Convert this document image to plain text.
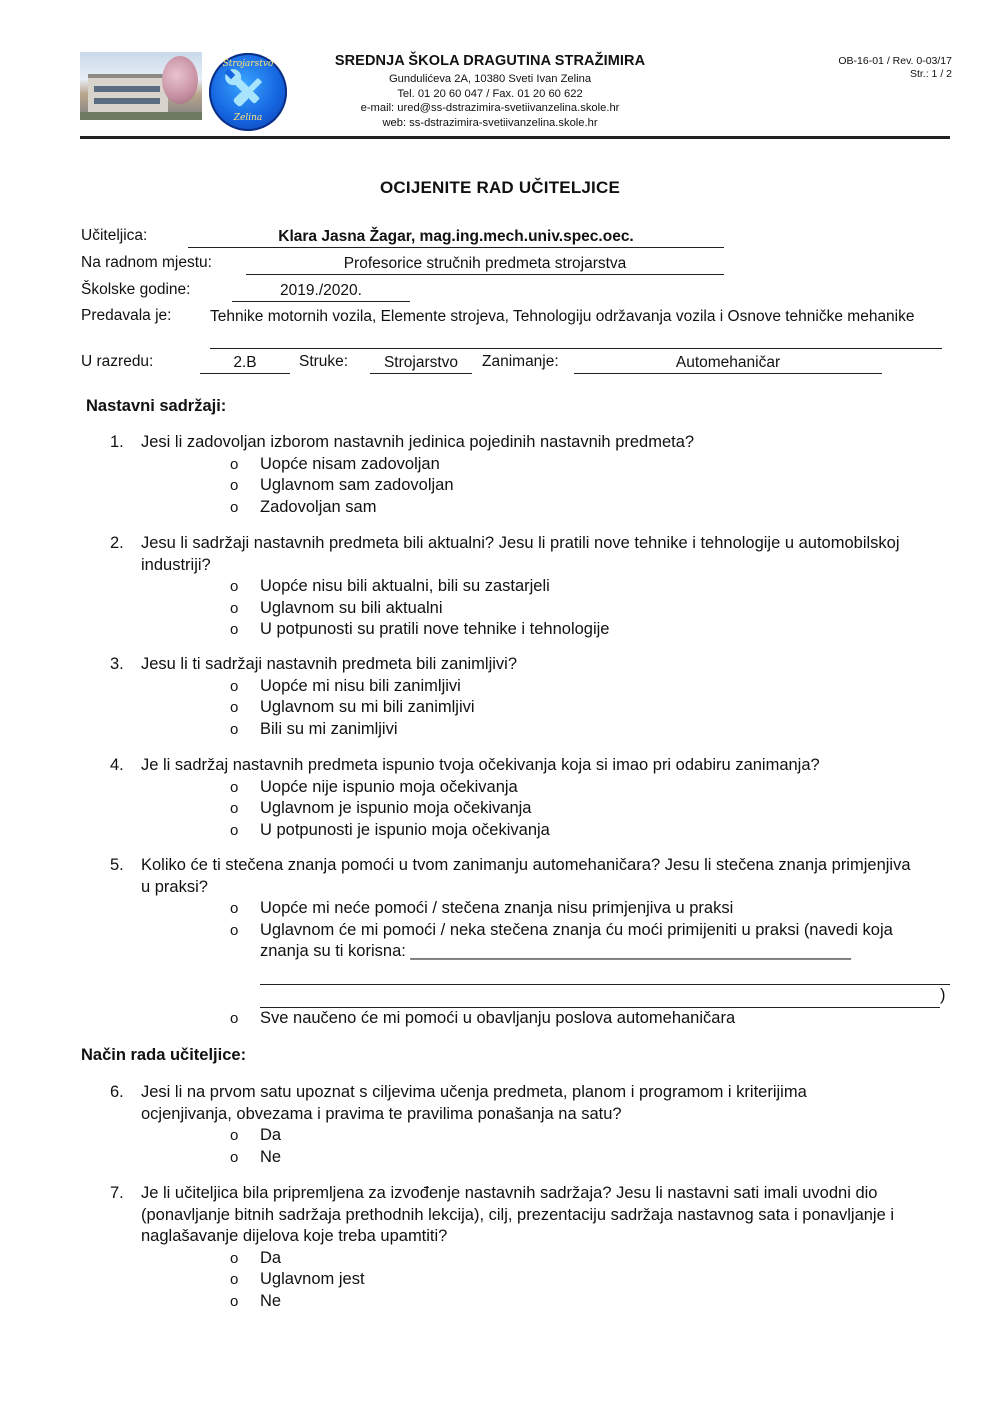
Strojarstvo
Zelina
SREDNJA ŠKOLA DRAGUTINA STRAŽIMIRA
Gundulićeva 2A, 10380 Sveti Ivan Zelina
Tel. 01 20 60 047 / Fax. 01 20 60 622
e-mail: ured@ss-dstrazimira-svetiivanzelina.skole.hr
web: ss-dstrazimira-svetiivanzelina.skole.hr
OB-16-01 / Rev. 0-03/17
Str.: 1 / 2
OCIJENITE RAD UČITELJICE
Učiteljica:	Klara Jasna Žagar, mag.ing.mech.univ.spec.oec.
Na radnom mjestu:	Profesorice stručnih predmeta strojarstva
Školske godine:	2019./2020.
Predavala je: Tehnike motornih vozila, Elemente strojeva, Tehnologiju održavanja vozila i Osnove tehničke mehanike
U razredu:	2.B	Struke:	Strojarstvo	Zanimanje:	Automehaničar
Nastavni sadržaji:
1.	Jesi li zadovoljan izborom nastavnih jedinica pojedinih nastavnih predmeta?
o Uopće nisam zadovoljan
o Uglavnom sam zadovoljan
o Zadovoljan sam
2.	Jesu li sadržaji nastavnih predmeta bili aktualni? Jesu li pratili nove tehnike i tehnologije u automobilskoj industriji?
o Uopće nisu bili aktualni, bili su zastarjeli
o Uglavnom su bili aktualni
o U potpunosti su pratili nove tehnike i tehnologije
3.	Jesu li ti sadržaji nastavnih predmeta bili zanimljivi?
o Uopće mi nisu bili zanimljivi
o Uglavnom su mi bili zanimljivi
o Bili su mi zanimljivi
4.	Je li sadržaj nastavnih predmeta ispunio tvoja očekivanja koja si imao pri odabiru zanimanja?
o Uopće nije ispunio moja očekivanja
o Uglavnom je ispunio moja očekivanja
o U potpunosti je ispunio moja očekivanja
5.	Koliko će ti stečena znanja pomoći u tvom zanimanju automehaničara? Jesu li stečena znanja primjenjiva u praksi?
o Uopće mi neće pomoći / stečena znanja nisu primjenjiva u praksi
o Uglavnom će mi pomoći / neka stečena znanja ću moći primijeniti u praksi (navedi koja znanja su ti korisna: ________________________________________________
)
o Sve naučeno će mi pomoći u obavljanju poslova automehaničara
Način rada učiteljice:
6.	Jesi li na prvom satu upoznat s ciljevima učenja predmeta, planom i programom i kriterijima ocjenjivanja, obvezama i pravima te pravilima ponašanja na satu?
o Da
o Ne
7.	Je li učiteljica bila pripremljena za izvođenje nastavnih sadržaja? Jesu li nastavni sati imali uvodni dio (ponavljanje bitnih sadržaja prethodnih lekcija), cilj, prezentaciju sadržaja nastavnog sata i ponavljanje i naglašavanje dijelova koje treba upamtiti?
o Da
o Uglavnom jest
o Ne
